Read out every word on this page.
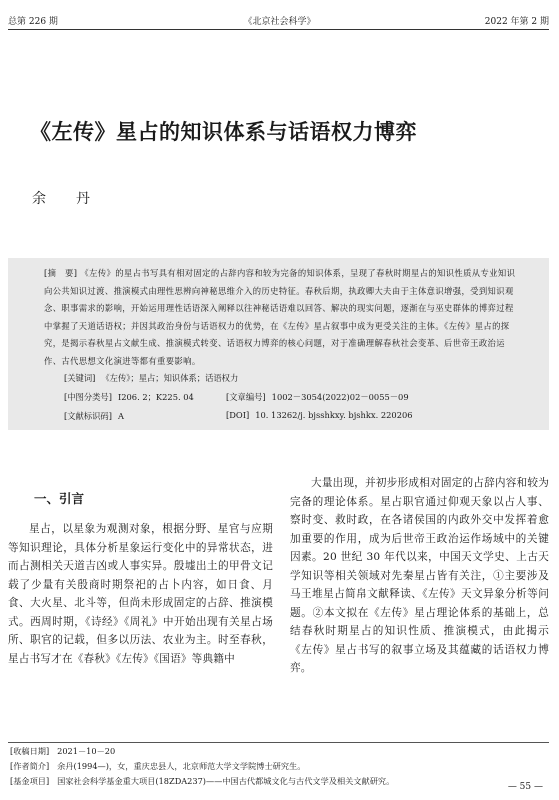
总第 226 期	《北京社会科学》	2022 年第 2 期
《左传》星占的知识体系与话语权力博弈
余　丹

[摘　要] 《左传》的星占书写具有相对固定的占辞内容和较为完备的知识体系，呈现了春秋时期星占的知识性质从专业知识向公共知识过渡、推演模式由理性思辨向神秘思维介入的历史特征。春秋后期，执政卿大夫由于主体意识增强，受到知识观念、职事需求的影响，开始运用理性话语深入阐释以往神秘话语难以回答、解决的现实问题，逐渐在与巫史群体的博弈过程中掌握了天道话语权；并因其政治身份与话语权力的优势，在《左传》星占叙事中成为更受关注的主体。《左传》星占的探究，是揭示春秋星占文献生成、推演模式转变、话语权力博弈的核心问题，对于准确理解春秋社会变革、后世帝王政治运作、古代思想文化演进等都有重要影响。

[关键词] 《左传》；星占；知识体系；话语权力
[中图分类号] I206. 2；K225. 04	[文章编号] 1002－3054(2022)02－0055－09
[文献标识码] A	[DOI] 10. 13262/j. bjsshkxy. bjshkx. 220206
一、引言

星占，以星象为观测对象，根据分野、星官与应期等知识理论，具体分析星象运行变化中的异常状态，进而占测相关天道吉凶或人事实异。殷墟出土的甲骨文记载了少量有关殷商时期祭祀的占卜内容，如日食、月食、大火星、北斗等，但尚未形成固定的占辞、推演模式。西周时期，《诗经》《周礼》中开始出现有关星占场所、职官的记载，但多以历法、农业为主。时至春秋，星占书写才在《春秋》《左传》《国语》等典籍中

大量出现，并初步形成相对固定的占辞内容和较为完备的理论体系。星占职官通过仰观天象以占人事、察时变、救时政，在各诸侯国的内政外交中发挥着愈加重要的作用，成为后世帝王政治运作场域中的关键因素。20 世纪 30 年代以来，中国天文学史、上古天学知识等相关领域对先秦星占皆有关注，①主要涉及马王堆星占简帛文献释读、《左传》天文异象分析等问题。②本文拟在《左传》星占理论体系的基础上，总结春秋时期星占的知识性质、推演模式，由此揭示《左传》星占书写的叙事立场及其蕴藏的话语权力博弈。

[收稿日期] 2021－10－20
[作者简介] 余丹(1994—)，女，重庆忠县人，北京师范大学文学院博士研究生。
[基金项目] 国家社会科学基金重大项目(18ZDA237)——中国古代都城文化与古代文学及相关文献研究。
— 55 —
